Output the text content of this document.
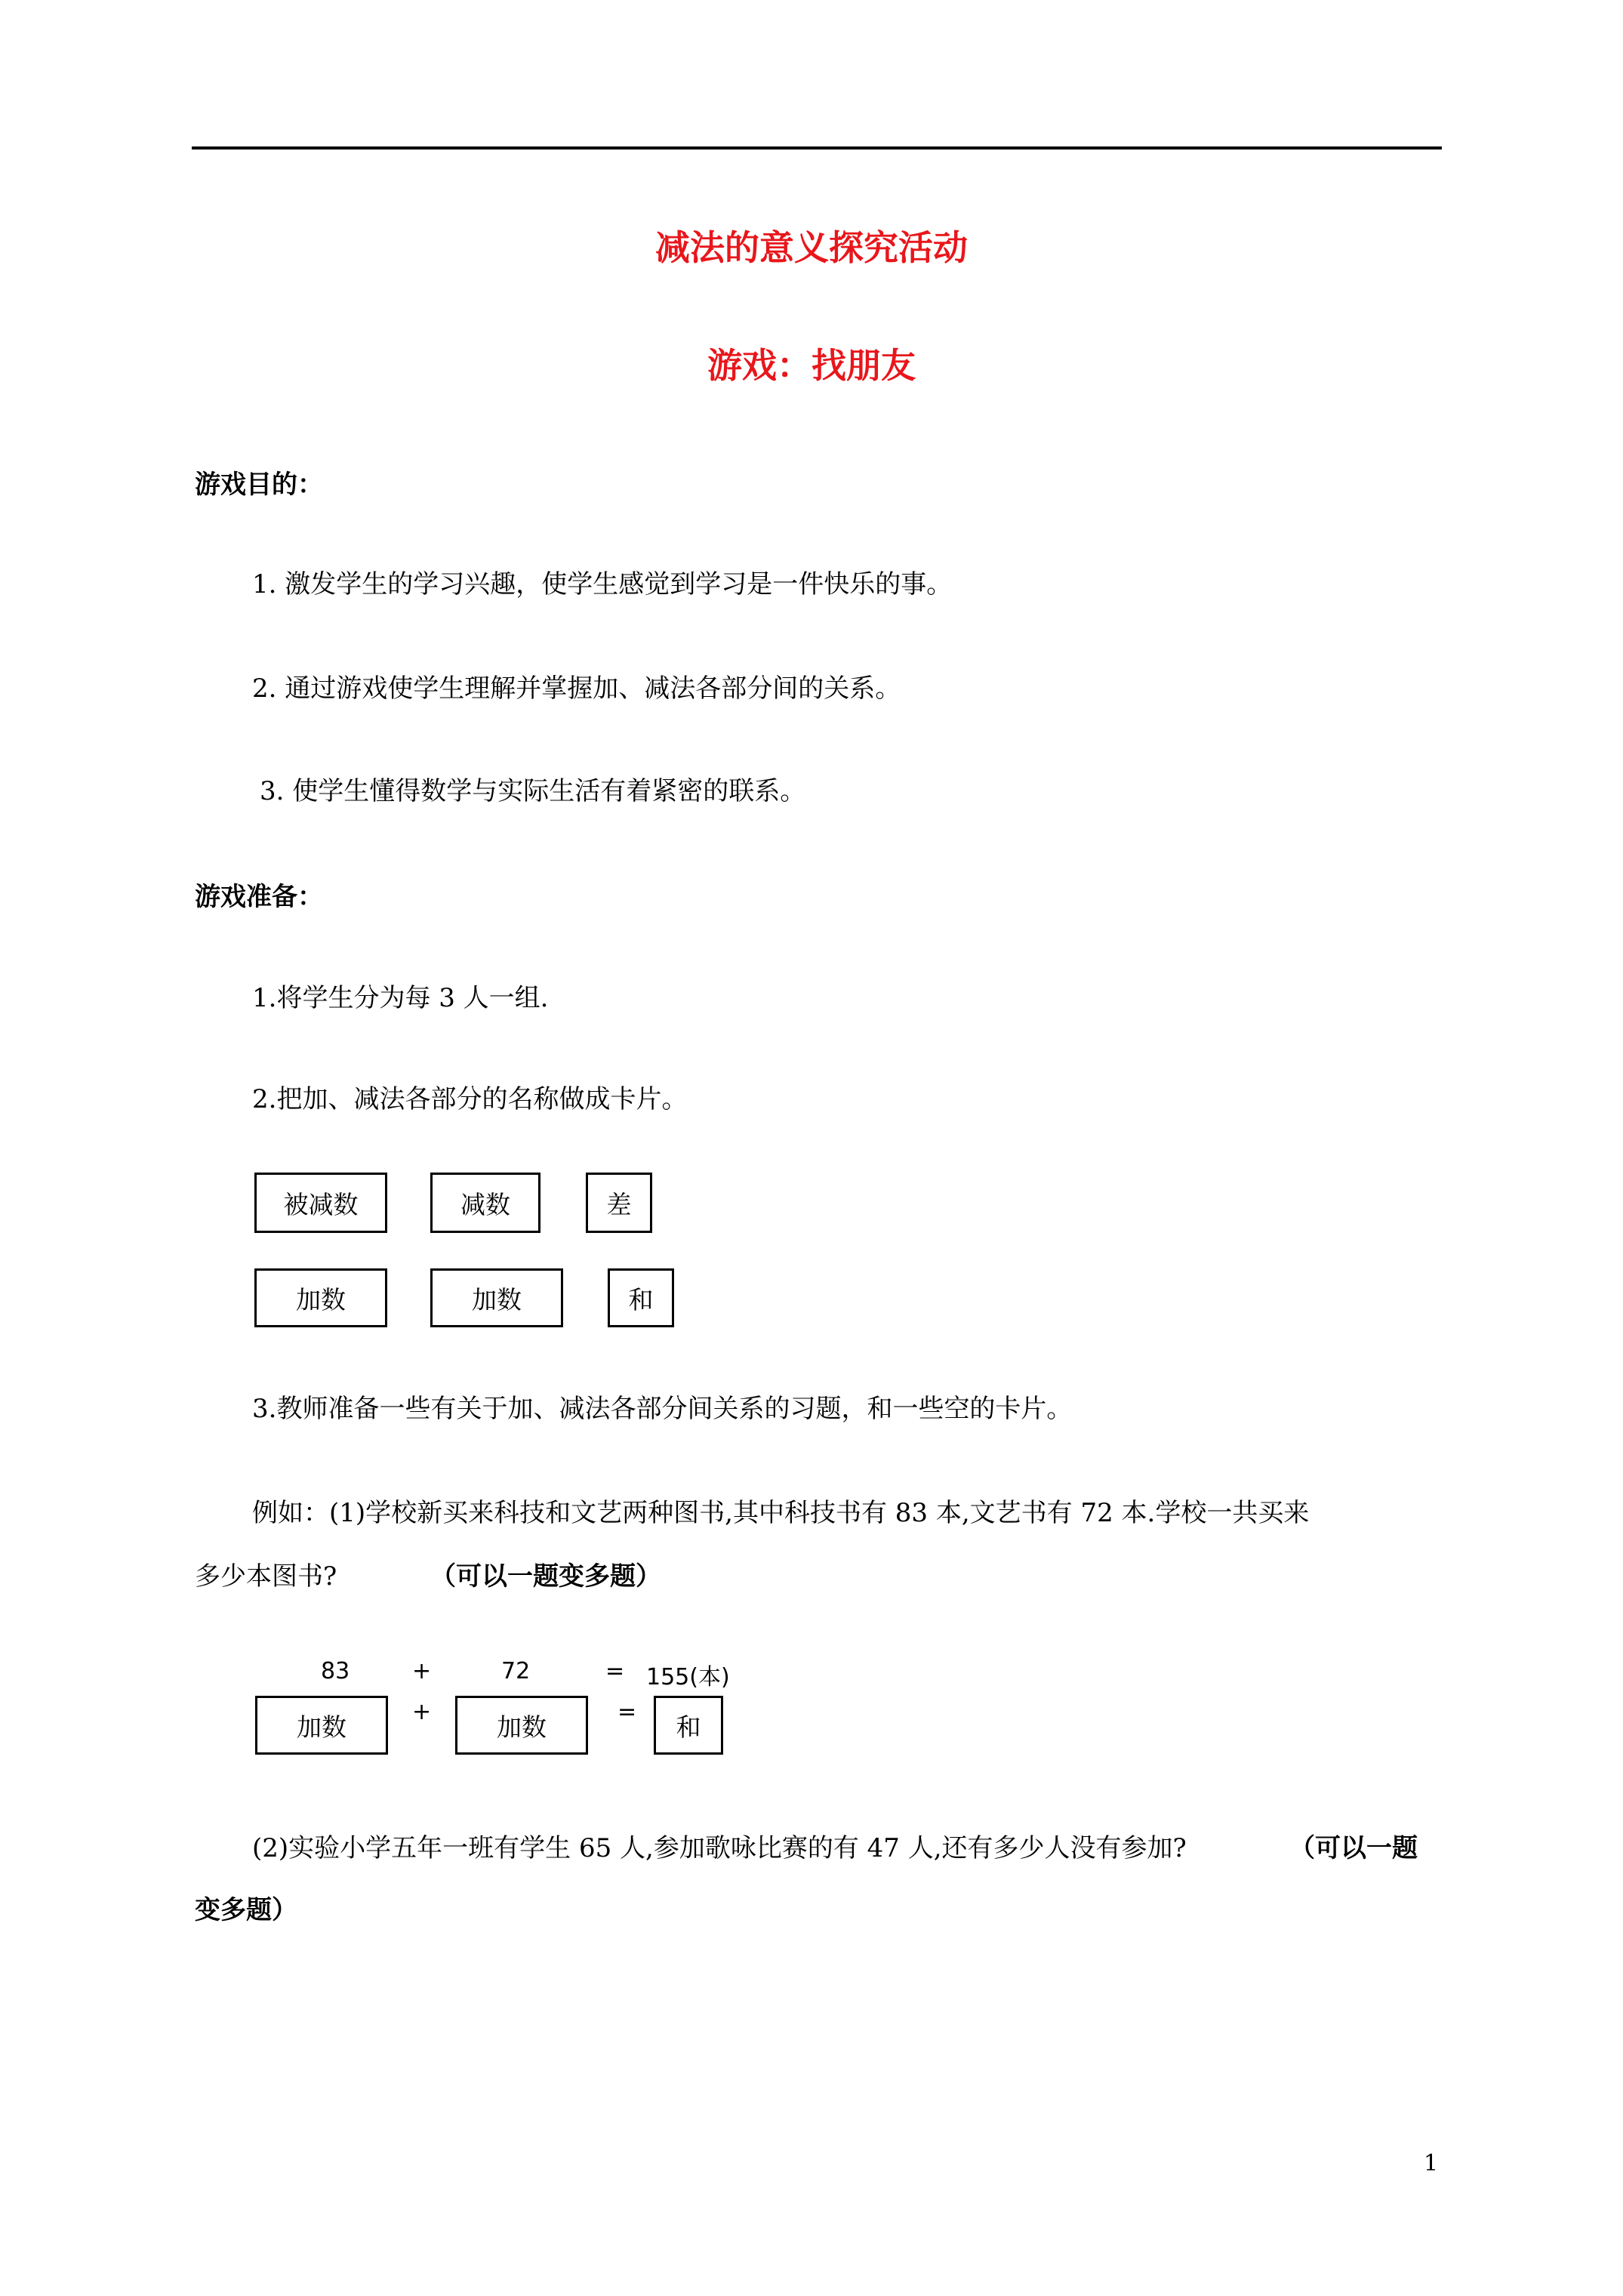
减法的意义探究活动
游戏：找朋友
游戏目的：
1. 激发学生的学习兴趣，使学生感觉到学习是一件快乐的事。
2. 通过游戏使学生理解并掌握加、减法各部分间的关系。
3. 使学生懂得数学与实际生活有着紧密的联系。
游戏准备：
1.将学生分为每 3 人一组.
2.把加、减法各部分的名称做成卡片。
被减数	减数	差
加数	加数	和
3.教师准备一些有关于加、减法各部分间关系的习题，和一些空的卡片。
例如：(1)学校新买来科技和文艺两种图书,其中科技书有 83 本,文艺书有 72 本.学校一共买来
多少本图书?	（可以一题变多题）
83	+	72	= 155(本)
加数	+	加数	=	和
(2)实验小学五年一班有学生 65 人,参加歌咏比赛的有 47 人,还有多少人没有参加?	（可以一题
变多题）
1
